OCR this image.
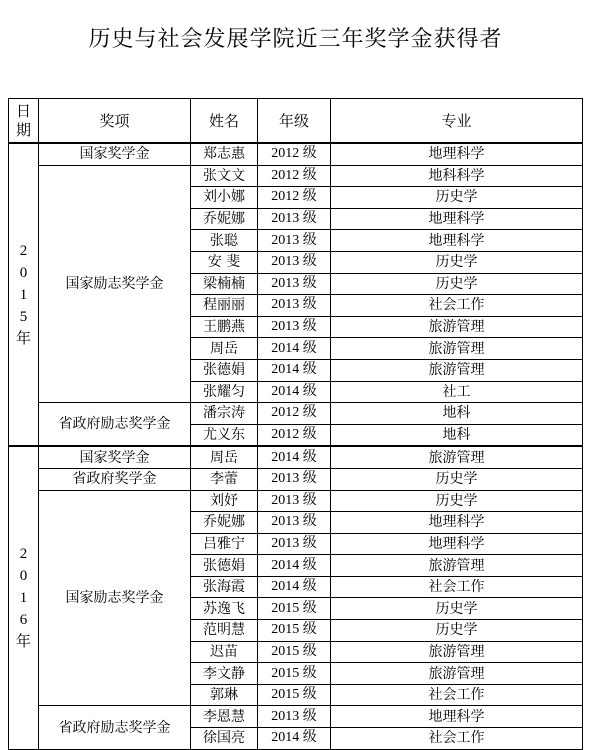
历史与社会发展学院近三年奖学金获得者
日
期	奖项	姓名	年级	专业

2
0
1
5
年	国家奖学金	郑志惠	2012 级	地理科学
	国家励志奖学金	张文文	2012 级	地科科学
		刘小娜	2012 级	历史学
		乔妮娜	2013 级	地理科学
		张聪	2013 级	地理科学
		安 斐	2013 级	历史学
		梁楠楠	2013 级	历史学
		程丽丽	2013 级	社会工作
		王鹏燕	2013 级	旅游管理
		周岳	2014 级	旅游管理
		张德娟	2014 级	旅游管理
		张耀匀	2014 级	社工
	省政府励志奖学金	潘宗涛	2012 级	地科
		尤义东	2012 级	地科

2
0
1
6
年	国家奖学金	周岳	2014 级	旅游管理
	省政府奖学金	李蕾	2013 级	历史学
	国家励志奖学金	刘妤	2013 级	历史学
		乔妮娜	2013 级	地理科学
		吕雅宁	2013 级	地理科学
		张德娟	2014 级	旅游管理
		张海霞	2014 级	社会工作
		苏逸飞	2015 级	历史学
		范明慧	2015 级	历史学
		迟苗	2015 级	旅游管理
		李文静	2015 级	旅游管理
		郭琳	2015 级	社会工作
	省政府励志奖学金	李恩慧	2013 级	地理科学
		徐国亮	2014 级	社会工作
